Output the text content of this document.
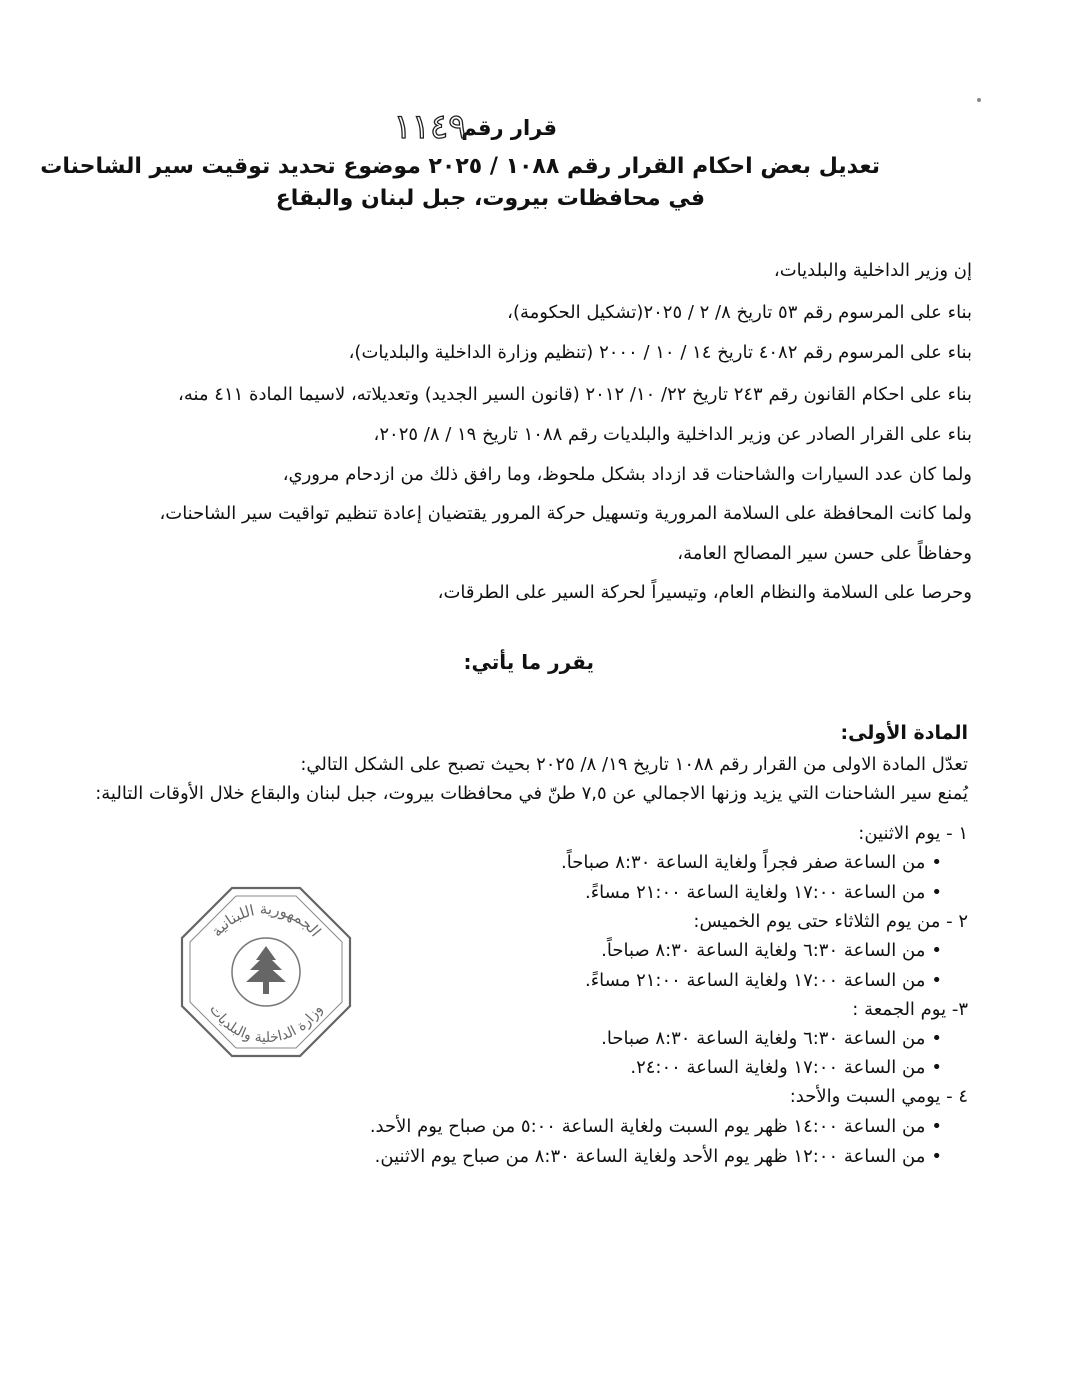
قرار رقم
١١٤٩
تعديل بعض احكام القرار رقم ١٠٨٨ / ٢٠٢٥ موضوع تحديد توقيت سير الشاحنات
في محافظات بيروت، جبل لبنان والبقاع
إن وزير الداخلية والبلديات،
بناء على المرسوم رقم ٥٣ تاريخ ٨/ ٢ / ٢٠٢٥(تشكيل الحكومة)،
بناء على المرسوم رقم ٤٠٨٢ تاريخ ١٤ / ١٠ / ٢٠٠٠ (تنظيم وزارة الداخلية والبلديات)،
بناء على احكام القانون رقم ٢٤٣ تاريخ ٢٢/ ١٠/ ٢٠١٢ (قانون السير الجديد) وتعديلاته، لاسيما المادة ٤١١ منه،
بناء على القرار الصادر عن وزير الداخلية والبلديات رقم ١٠٨٨ تاريخ ١٩ / ٨/ ٢٠٢٥،
ولما كان عدد السيارات والشاحنات قد ازداد بشكل ملحوظ، وما رافق ذلك من ازدحام مروري،
ولما كانت المحافظة على السلامة المرورية وتسهيل حركة المرور يقتضيان إعادة تنظيم تواقيت سير الشاحنات،
وحفاظاً على حسن سير المصالح العامة،
وحرصا على السلامة والنظام العام، وتيسيراً لحركة السير على الطرقات،
يقرر ما يأتي:
المادة الأولى:
تعدّل المادة الاولى من القرار رقم ١٠٨٨ تاريخ ١٩/ ٨/ ٢٠٢٥ بحيث تصبح على الشكل التالي:
يُمنع سير الشاحنات التي يزيد وزنها الاجمالي عن ٧,٥ طنّ في محافظات بيروت، جبل لبنان والبقاع خلال الأوقات التالية:
١ - يوم الاثنين:
• من الساعة صفر فجراً ولغاية الساعة ٨:٣٠ صباحاً.
• من الساعة ١٧:٠٠ ولغاية الساعة ٢١:٠٠ مساءً.
٢ - من يوم الثلاثاء حتى يوم الخميس:
• من الساعة ٦:٣٠ ولغاية الساعة ٨:٣٠ صباحاً.
• من الساعة ١٧:٠٠ ولغاية الساعة ٢١:٠٠ مساءً.
٣- يوم الجمعة :
• من الساعة ٦:٣٠ ولغاية الساعة ٨:٣٠ صباحا.
• من الساعة ١٧:٠٠ ولغاية الساعة ٢٤:٠٠.
٤ - يومي السبت والأحد:
• من الساعة ١٤:٠٠ ظهر يوم السبت ولغاية الساعة ٥:٠٠ من صباح يوم الأحد.
• من الساعة ١٢:٠٠ ظهر يوم الأحد ولغاية الساعة ٨:٣٠ من صباح يوم الاثنين.
الجمهورية اللبنانية
وزارة الداخلية والبلديات
